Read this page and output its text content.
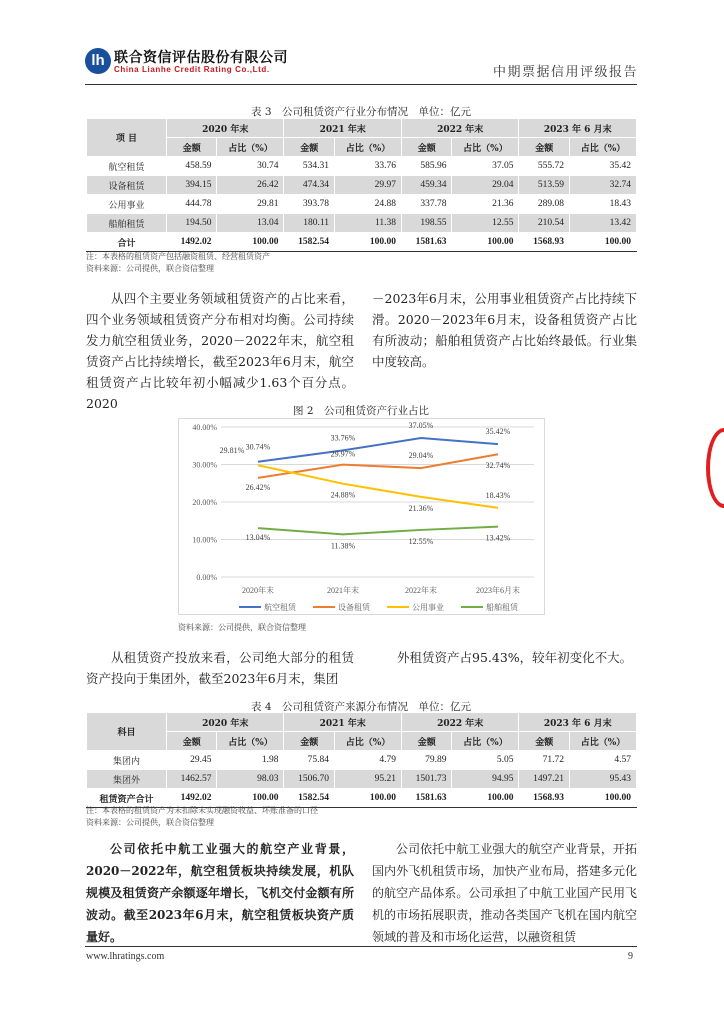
lh 联合资信评估股份有限公司
China Lianhe Credit Rating Co.,Ltd.	中期票据信用评级报告
表 3　公司租赁资产行业分布情况　单位：亿元
项 目	2020 年末		2021 年末		2022 年末		2023 年 6 月末	
	金额	占比（%）	金额	占比（%）	金额	占比（%）	金额	占比（%）
航空租赁	458.59	30.74	534.31	33.76	585.96	37.05	555.72	35.42
设备租赁	394.15	26.42	474.34	29.97	459.34	29.04	513.59	32.74
公用事业	444.78	29.81	393.78	24.88	337.78	21.36	289.08	18.43
船舶租赁	194.50	13.04	180.11	11.38	198.55	12.55	210.54	13.42
合计	1492.02	100.00	1582.54	100.00	1581.63	100.00	1568.93	100.00
注：本表格的租赁资产包括融资租赁、经营租赁资产
资料来源：公司提供，联合资信整理

从四个主要业务领域租赁资产的占比来看，四个业务领域租赁资产分布相对均衡。公司持续发力航空租赁业务，2020－2022年末，航空租赁资产占比持续增长，截至2023年6月末，航空租赁资产占比较年初小幅减少1.63个百分点。2020

－2023年6月末，公用事业租赁资产占比持续下滑。2020－2023年6月末，设备租赁资产占比有所波动；船舶租赁资产占比始终最低。行业集中度较高。

图 2　公司租赁资产行业占比
0.00%
10.00%
20.00%
30.00%
40.00%
2020年末	2021年末	2022年末	2023年6月末
30.74%
33.76%
37.05%
35.42%
航空租赁
26.42%
29.97%	29.04%
32.74%
设备租赁
29.81%
24.88%
21.36%
18.43%
公用事业
13.04%
11.38%	12.55%	13.42%
船舶租赁
资料来源：公司提供，联合资信整理

从租赁资产投放来看，公司绝大部分的租赁资产投向于集团外，截至2023年6月末，集团

外租赁资产占95.43%，较年初变化不大。

表 4　公司租赁资产来源分布情况　单位：亿元
科目	2020 年末		2021 年末		2022 年末		2023 年 6 月末	
	金额	占比（%）	金额	占比（%）	金额	占比（%）	金额	占比（%）
集团内	29.45	1.98	75.84	4.79	79.89	5.05	71.72	4.57
集团外	1462.57	98.03	1506.70	95.21	1501.73	94.95	1497.21	95.43
租赁资产合计	1492.02	100.00	1582.54	100.00	1581.63	100.00	1568.93	100.00
注：本表格的租赁资产为未扣除未实现融资收益、坏账准备的口径
资料来源：公司提供，联合资信整理

公司依托中航工业强大的航空产业背景，2020－2022年，航空租赁板块持续发展，机队规模及租赁资产余额逐年增长，飞机交付金额有所波动。截至2023年6月末，航空租赁板块资产质量好。

公司依托中航工业强大的航空产业背景，开拓国内外飞机租赁市场，加快产业布局，搭建多元化的航空产品体系。公司承担了中航工业国产民用飞机的市场拓展职责，推动各类国产飞机在国内航空领域的普及和市场化运营，以融资租赁

www.lhratings.com	9
